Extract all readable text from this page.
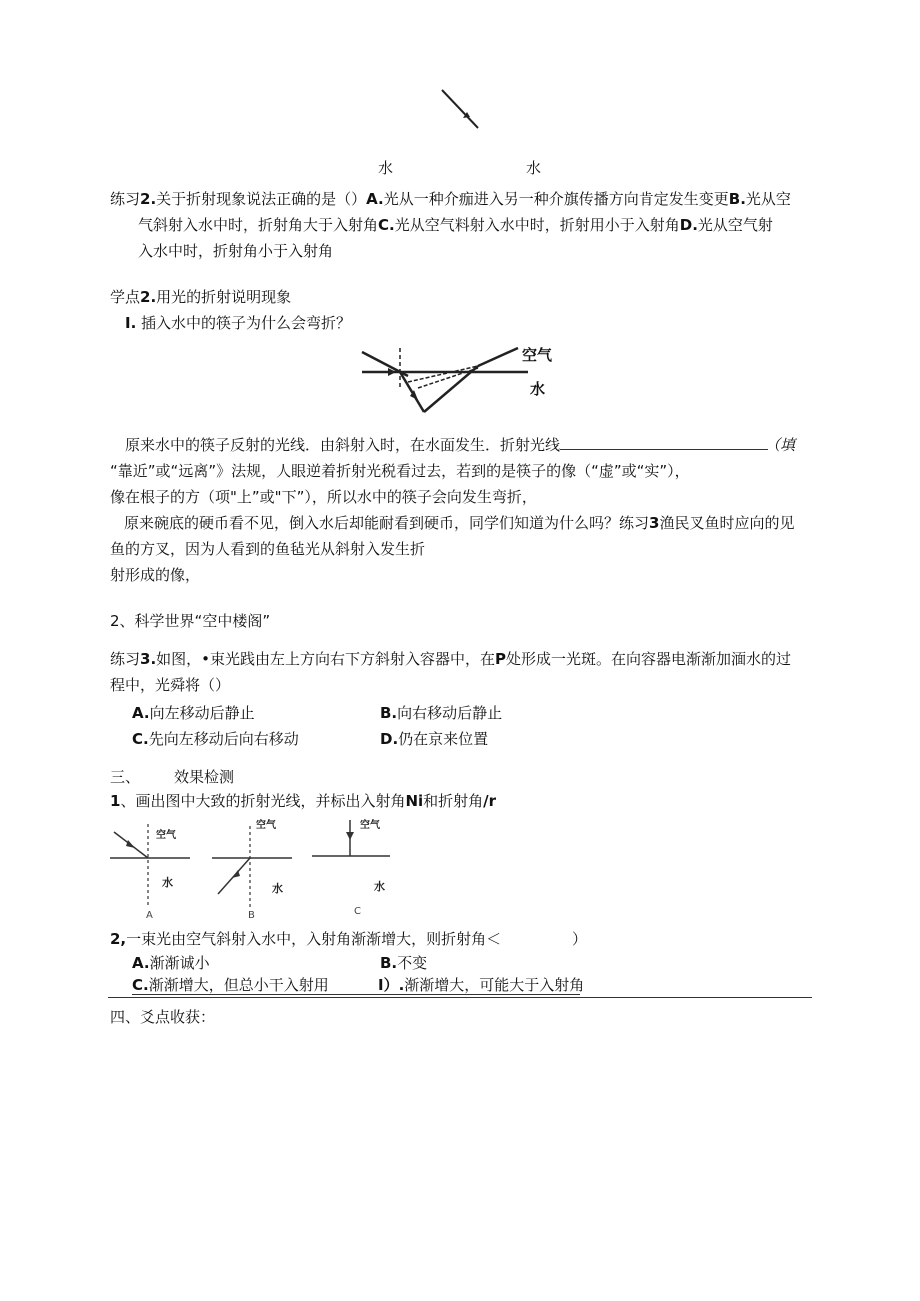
水	水
练习2.关于折射现象说法正确的是（）A.光从一种介痂进入另一种介旗传播方向肯定发生变更B.光从空
气斜射入水中时，折射角大于入射角C.光从空气料射入水中时，折射用小于入射角D.光从空气射
入水中时，折射角小于入射角
学点2.用光的折射说明现象
I. 插入水中的筷子为什么会弯折？
空气
水
原来水中的筷子反射的光线．由斜射入时，在水面发生．折射光线	（填
“靠近”或“远离”》法规，人眼逆着折射光税看过去，若到的是筷子的像（“虚”或“实”），
像在根子的方（项"上”或"下”），所以水中的筷子会向发生弯折，
原来碗底的硬币看不见，倒入水后却能耐看到硬币，同学们知道为什么吗？练习3渔民叉鱼时应向的见
鱼的方叉，因为人看到的鱼毡光从斜射入发生折
射形成的像，
2、科学世界“空中楼阁”
练习3.如图，•束光践由左上方向右下方斜射入容器中，在P处形成一光斑。在向容器电渐渐加湎水的过
程中，光舜将（）
A.向左移动后静止	B.向右移动后静止
C.先向左移动后向右移动	D.仍在京来位置
三、 效果检测
1、画出图中大致的折射光线，并标出入射角Ni和折射角/r
空气
水
A
空气
水
B
空气
水
C
2,一束光由空气斜射入水中，入射角渐渐增大，则折射角＜	）
A.渐渐诚小	B.不变
C.渐渐增大，但总小干入射用	I）.渐渐增大，可能大于入射角
四、爻点收获：
